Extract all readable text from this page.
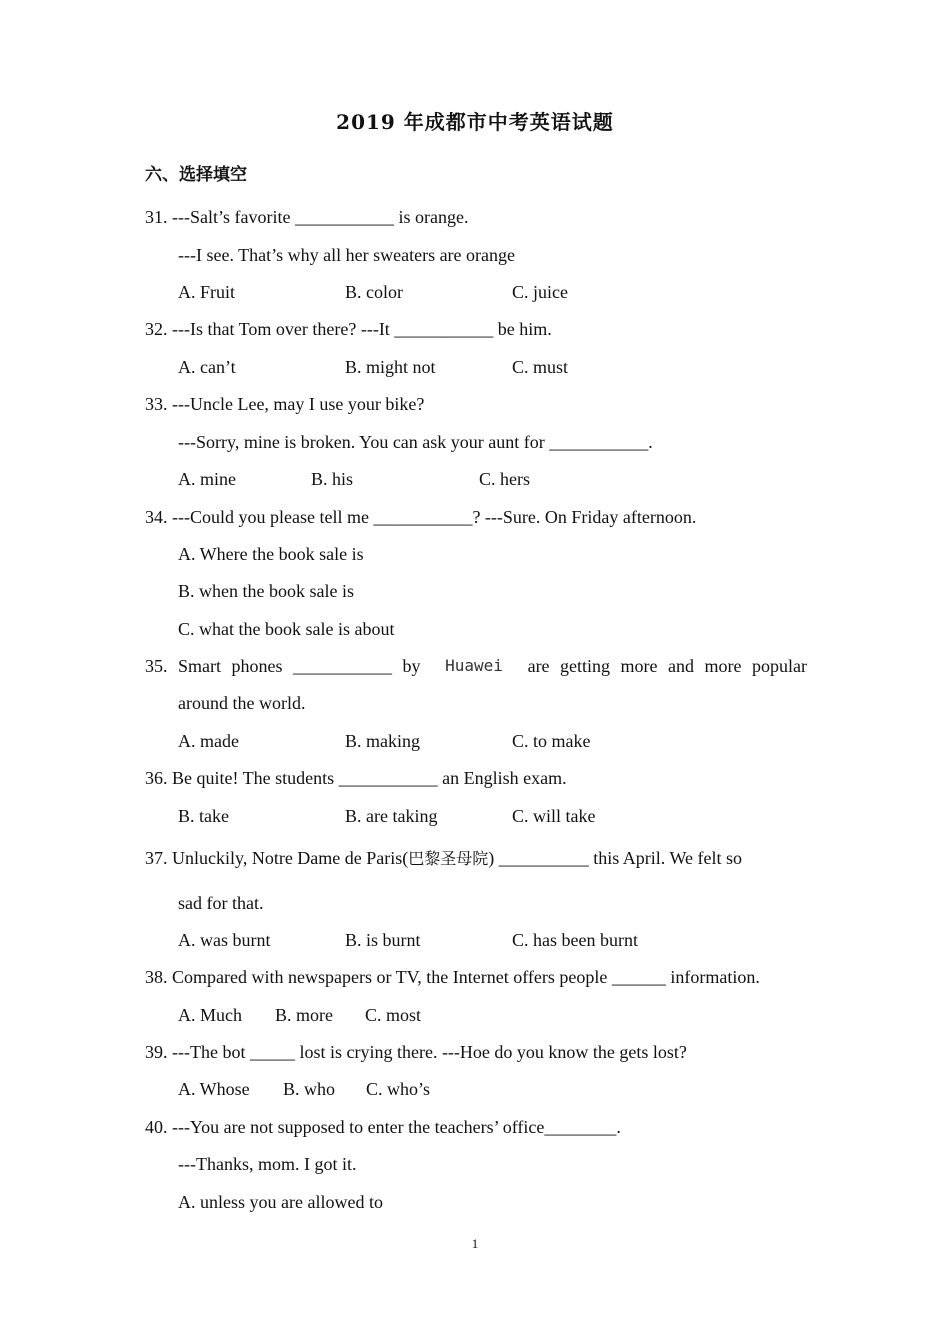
2019 年成都市中考英语试题
六、选择填空
31. ---Salt’s favorite ___________ is orange.
---I see. That’s why all her sweaters are orange
A. Fruit	B. color	C. juice
32. ---Is that Tom over there? ---It ___________ be him.
A. can’t	B. might not	C. must
33. ---Uncle Lee, may I use your bike?
---Sorry, mine is broken. You can ask your aunt for ___________.
A. mine	B. his	C. hers
34. ---Could you please tell me ___________? ---Sure. On Friday afternoon.
A. Where the book sale is
B. when the book sale is
C. what the book sale is about
35. Smart phones ___________ by Huawei are getting more and more popular
around the world.
A. made	B. making	C. to make
36. Be quite! The students ___________ an English exam.
B. take	B. are taking	C. will take
37. Unluckily, Notre Dame de Paris(巴黎圣母院) __________ this April. We felt so
sad for that.
A. was burnt	B. is burnt	C. has been burnt
38. Compared with newspapers or TV, the Internet offers people ______ information.
A. Much B. more C. most
39. ---The bot _____ lost is crying there. ---Hoe do you know the gets lost?
A. Whose B. who C. who’s
40. ---You are not supposed to enter the teachers’ office________.
---Thanks, mom. I got it.
A. unless you are allowed to
1
